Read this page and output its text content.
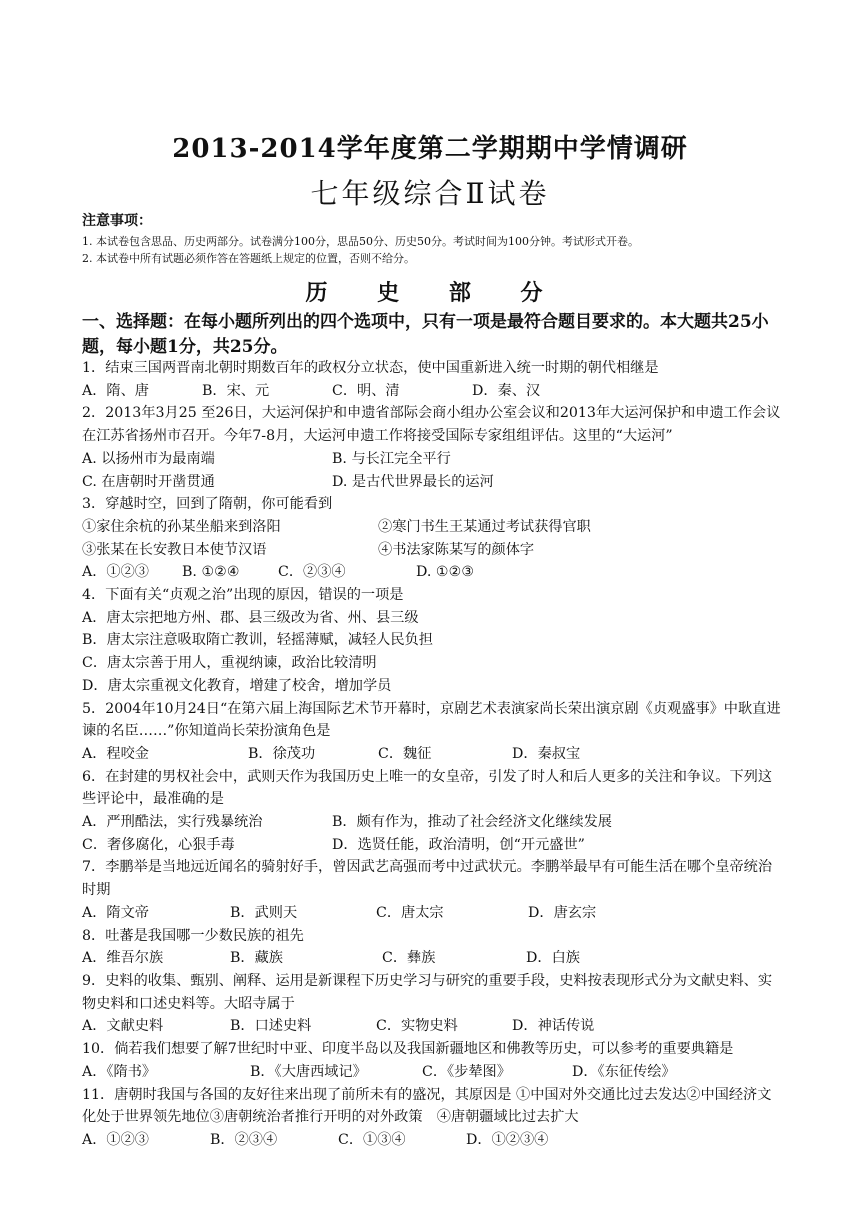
2013-2014学年度第二学期期中学情调研
七年级综合Ⅱ试卷
注意事项：
1. 本试卷包含思品、历史两部分。试卷满分100分，思品50分、历史50分。考试时间为100分钟。考试形式开卷。
2. 本试卷中所有试题必须作答在答题纸上规定的位置，否则不给分。
历 史 部 分
一、选择题：在每小题所列出的四个选项中，只有一项是最符合题目要求的。本大题共25小题，每小题1分，共25分。
1．结束三国两晋南北朝时期数百年的政权分立状态，使中国重新进入统一时期的朝代相继是
A．隋、唐	B．宋、元	C．明、清	D．秦、汉
2．2013年3月25 至26日，大运河保护和申遗省部际会商小组办公室会议和2013年大运河保护和申遗工作会议在江苏省扬州市召开。今年7-8月，大运河申遗工作将接受国际专家组组评估。这里的“大运河”
A. 以扬州市为最南端	B. 与长江完全平行
C. 在唐朝时开凿贯通	D. 是古代世界最长的运河
3．穿越时空，回到了隋朝，你可能看到
①家住余杭的孙某坐船来到洛阳	②寒门书生王某通过考试获得官职
③张某在长安教日本使节汉语	④书法家陈某写的颜体字
A．①②③	B. ①②④	C．②③④	D. ①②③
4．下面有关“贞观之治”出现的原因，错误的一项是
A．唐太宗把地方州、郡、县三级改为省、州、县三级
B．唐太宗注意吸取隋亡教训，轻摇薄赋，减轻人民负担
C．唐太宗善于用人，重视纳谏，政治比较清明
D．唐太宗重视文化教育，增建了校舍，增加学员
5．2004年10月24日“在第六届上海国际艺术节开幕时，京剧艺术表演家尚长荣出演京剧《贞观盛事》中耿直进谏的名臣……”你知道尚长荣扮演角色是
A．程咬金	B．徐茂功	C．魏征	D．秦叔宝
6．在封建的男权社会中，武则天作为我国历史上唯一的女皇帝，引发了时人和后人更多的关注和争议。下列这些评论中，最准确的是
A．严刑酷法，实行残暴统治	B．颇有作为，推动了社会经济文化继续发展
C．奢侈腐化，心狠手毒	D．选贤任能，政治清明，创“开元盛世”
7．李鹏举是当地远近闻名的骑射好手，曾因武艺高强而考中过武状元。李鹏举最早有可能生活在哪个皇帝统治时期
A．隋文帝	B．武则天	C．唐太宗	D．唐玄宗
8．吐蕃是我国哪一少数民族的祖先
A．维吾尔族	B．藏族	C．彝族	D．白族
9．史料的收集、甄别、阐释、运用是新课程下历史学习与研究的重要手段，史料按表现形式分为文献史料、实物史料和口述史料等。大昭寺属于
A．文献史料	B．口述史料	C．实物史料	D．神话传说
10．倘若我们想要了解7世纪时中亚、印度半岛以及我国新疆地区和佛教等历史，可以参考的重要典籍是
A．《隋书》	B．《大唐西域记》	C．《步辇图》	D．《东征传绘》
11．唐朝时我国与各国的友好往来出现了前所未有的盛况，其原因是 ①中国对外交通比过去发达②中国经济文化处于世界领先地位③唐朝统治者推行开明的对外政策　④唐朝疆域比过去扩大
A．①②③	B．②③④	C．①③④	D．①②③④
